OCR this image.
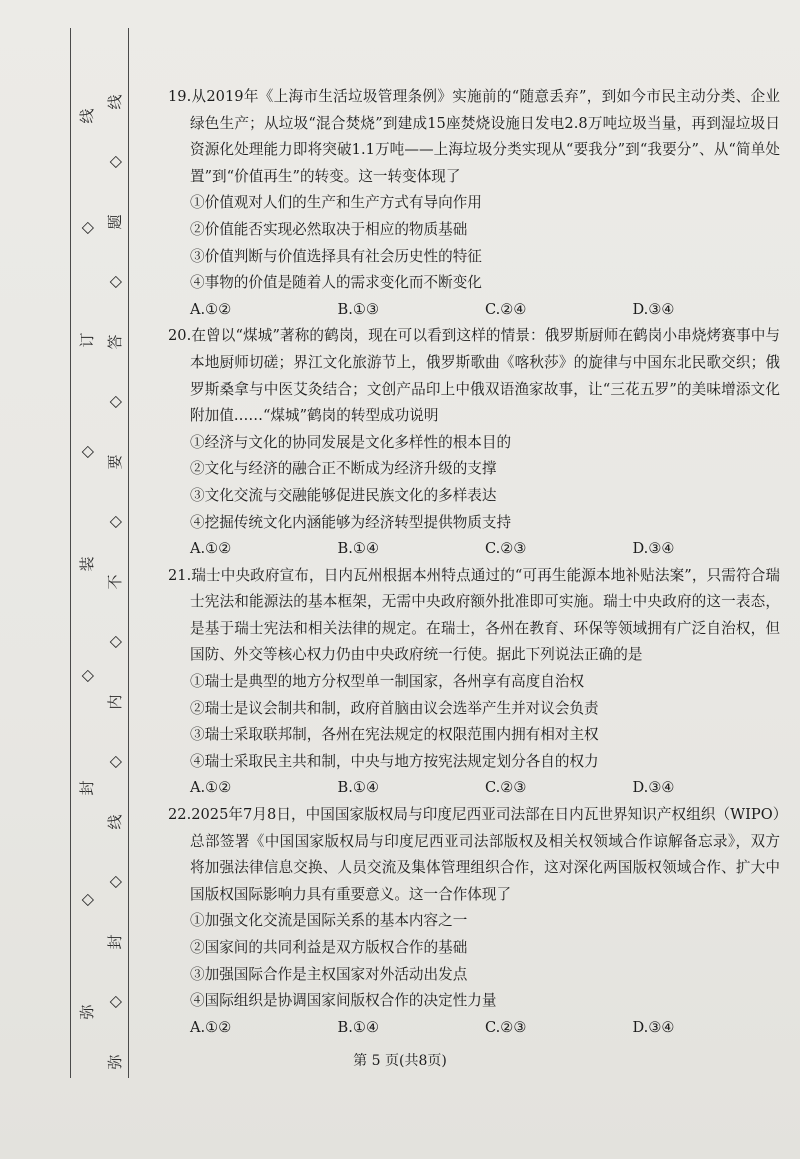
线
◇
订
◇
装
◇
封
◇
弥
线
◇
题
◇
答
◇
要
◇
不
◇
内
◇
线
◇
封
◇
弥
19.从2019年《上海市生活垃圾管理条例》实施前的“随意丢弃”，到如今市民主动分类、企业绿色生产；从垃圾“混合焚烧”到建成15座焚烧设施日发电2.8万吨垃圾当量，再到湿垃圾日资源化处理能力即将突破1.1万吨——上海垃圾分类实现从“要我分”到“我要分”、从“简单处置”到“价值再生”的转变。这一转变体现了
①价值观对人们的生产和生产方式有导向作用
②价值能否实现必然取决于相应的物质基础
③价值判断与价值选择具有社会历史性的特征
④事物的价值是随着人的需求变化而不断变化
A.①②	B.①③	C.②④	D.③④
20.在曾以“煤城”著称的鹤岗，现在可以看到这样的情景：俄罗斯厨师在鹤岗小串烧烤赛事中与本地厨师切磋；界江文化旅游节上，俄罗斯歌曲《喀秋莎》的旋律与中国东北民歌交织；俄罗斯桑拿与中医艾灸结合；文创产品印上中俄双语渔家故事，让“三花五罗”的美味增添文化附加值……“煤城”鹤岗的转型成功说明
①经济与文化的协同发展是文化多样性的根本目的
②文化与经济的融合正不断成为经济升级的支撑
③文化交流与交融能够促进民族文化的多样表达
④挖掘传统文化内涵能够为经济转型提供物质支持
A.①②	B.①④	C.②③	D.③④
21.瑞士中央政府宣布，日内瓦州根据本州特点通过的“可再生能源本地补贴法案”，只需符合瑞士宪法和能源法的基本框架，无需中央政府额外批准即可实施。瑞士中央政府的这一表态，是基于瑞士宪法和相关法律的规定。在瑞士，各州在教育、环保等领域拥有广泛自治权，但国防、外交等核心权力仍由中央政府统一行使。据此下列说法正确的是
①瑞士是典型的地方分权型单一制国家，各州享有高度自治权
②瑞士是议会制共和制，政府首脑由议会选举产生并对议会负责
③瑞士采取联邦制，各州在宪法规定的权限范围内拥有相对主权
④瑞士采取民主共和制，中央与地方按宪法规定划分各自的权力
A.①②	B.①④	C.②③	D.③④
22.2025年7月8日，中国国家版权局与印度尼西亚司法部在日内瓦世界知识产权组织（WIPO）总部签署《中国国家版权局与印度尼西亚司法部版权及相关权领域合作谅解备忘录》，双方将加强法律信息交换、人员交流及集体管理组织合作，这对深化两国版权领域合作、扩大中国版权国际影响力具有重要意义。这一合作体现了
①加强文化交流是国际关系的基本内容之一
②国家间的共同利益是双方版权合作的基础
③加强国际合作是主权国家对外活动出发点
④国际组织是协调国家间版权合作的决定性力量
A.①②	B.①④	C.②③	D.③④
第 5 页(共8页)
